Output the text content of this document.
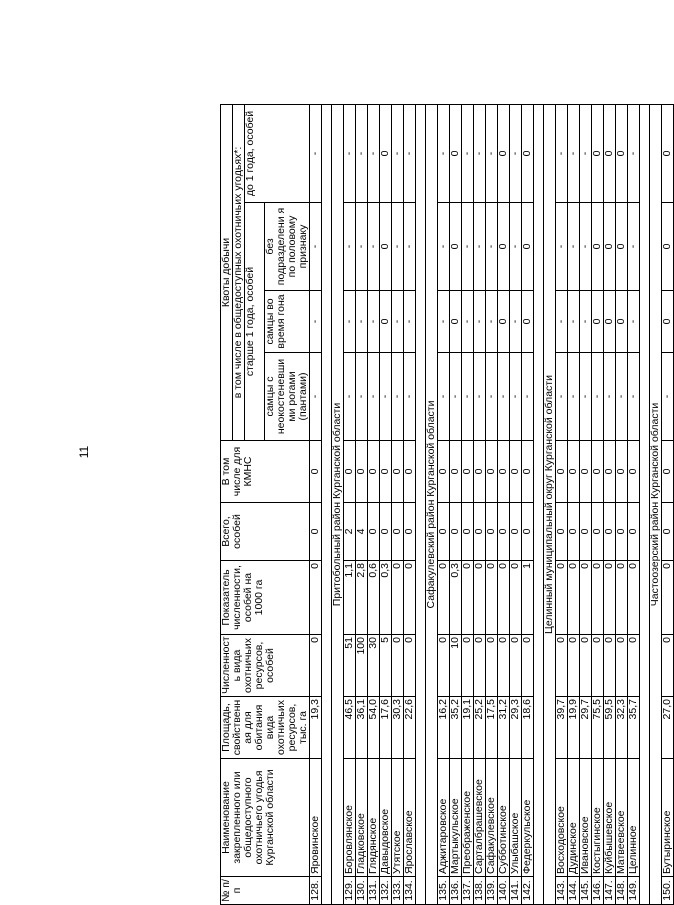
11
№ п/п	Наименование закрепленного или общедоступного охотничьего угодья Курганской области	Площадь, свойственн ая для обитания вида охотничьих ресурсов, тыс. га	Численност ь вида охотничьих ресурсов, особей	Показатель численности, особей на 1000 га	Всего, особей	В том числе для КМНС	Квоты добычи			
							в том числе в общедоступных охотничьих угодьях*:			
							старше 1 года, особей			до 1 года, особей
							самцы с неокостеневши ми рогами (пантами)	самцы во время гона	без подразделени я по половому признаку	
128.	Яровинское	19,3	0	0	0	0	-	-	-	-

Притобольный район Курганской области										
129.	Боровлянское	46,5	51	1,1	2	0	-	-	-	-
130.	Гладковское	36,1	100	2,8	4	0	-	-	-	-
131.	Глядянское	54,0	30	0,6	0	0	-	-	-	-
132.	Давыдовское	17,6	5	0,3	0	0	-	0	0	0
133.	Утятское	30,3	0	0	0	0	-	-	-	-
134.	Ярославское	22,6	0	0	0	0	-	-	-	-

Сафакулевский район Курганской области										
135.	Аджитаровское	16,2	0	0	0	0	-	-	-	-
136.	Мартыкульское	35,2	10	0,3	0	0	-	0	0	0
137.	Преображенское	19,1	0	0	0	0	-	-	-	-
138.	Сарталбрашевское	25,2	0	0	0	0	-	-	-	-
139.	Сафакулевское	17,5	0	0	0	0	-	-	-	-
140.	Субботинское	31,2	0	0	0	0	-	0	0	0
141.	Улыбашское	29,3	0	0	0	0	-	-	-	-
142.	Федеркульское	18,6	0	1	0	0	-	0	0	0

Целинный муниципальный округ Курганской области										
143.	Восходовское	39,7	0	0	0	0	-	-	-	-
144.	Дудинское	19,9	0	0	0	0	-	-	-	-
145.	Ивановское	29,7	0	0	0	0	-	-	-	-
146.	Костыгинское	75,5	0	0	0	0	-	0	0	0
147.	Куйбышевское	59,5	0	0	0	0	-	0	0	0
148.	Матвеевское	32,3	0	0	0	0	-	0	0	0
149.	Целинное	35,7	0	0	0	0	-	-	-	-

Частоозерский район Курганской области										
150.	Бутыринское	27,0	0	0	0	0	-	0	0	0
